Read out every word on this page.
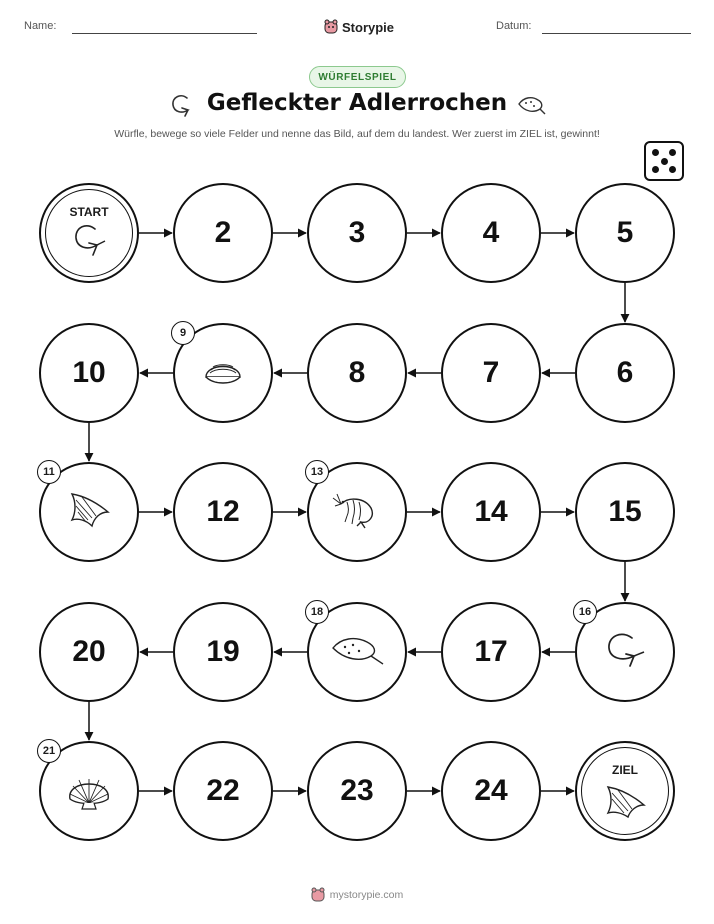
Name:	Storypie	Datum:
WÜRFELSPIEL
Gefleckter Adlerrochen
Würfle, bewege so viele Felder und nenne das Bild, auf dem du landest. Wer zuerst im ZIEL ist, gewinnt!
START
2	3	4	5
6
7
8
9
10
11
12
13
14	15
16
17
18
19
20
21
22	23	24
ZIEL
mystorypie.com
